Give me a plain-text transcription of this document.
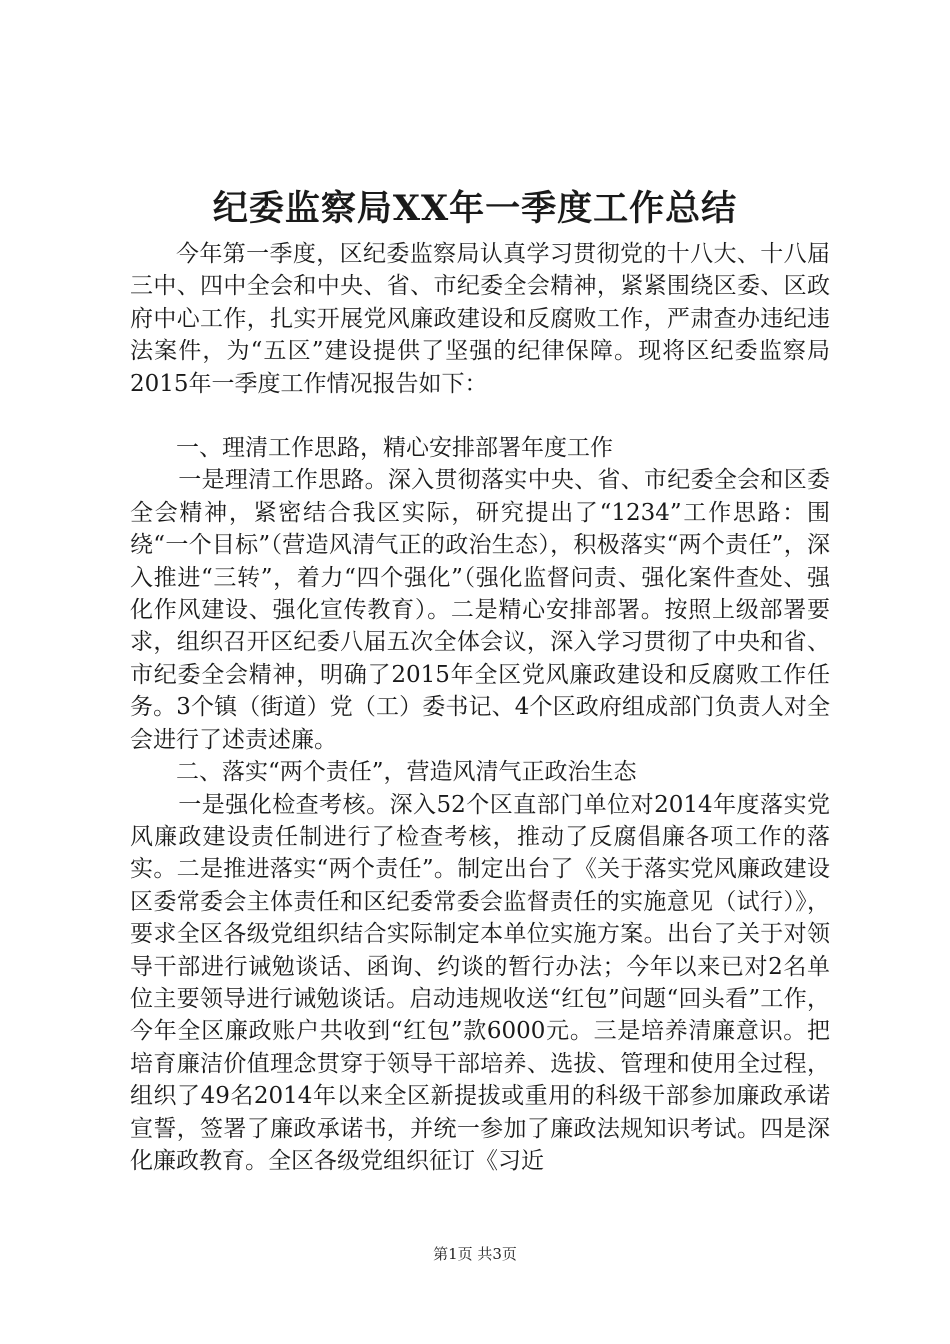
纪委监察局XX年一季度工作总结

今年第一季度，区纪委监察局认真学习贯彻党的十八大、十八届三中、四中全会和中央、省、市纪委全会精神，紧紧围绕区委、区政府中心工作，扎实开展党风廉政建设和反腐败工作，严肃查办违纪违法案件，为“五区”建设提供了坚强的纪律保障。现将区纪委监察局2015年一季度工作情况报告如下：

一、理清工作思路，精心安排部署年度工作

一是理清工作思路。深入贯彻落实中央、省、市纪委全会和区委全会精神，紧密结合我区实际，研究提出了“1234”工作思路：围绕“一个目标”（营造风清气正的政治生态），积极落实“两个责任”，深入推进“三转”，着力“四个强化”（强化监督问责、强化案件查处、强化作风建设、强化宣传教育）。二是精心安排部署。按照上级部署要求，组织召开区纪委八届五次全体会议，深入学习贯彻了中央和省、市纪委全会精神，明确了2015年全区党风廉政建设和反腐败工作任务。3个镇（街道）党（工）委书记、4个区政府组成部门负责人对全会进行了述责述廉。

二、落实“两个责任”，营造风清气正政治生态

一是强化检查考核。深入52个区直部门单位对2014年度落实党风廉政建设责任制进行了检查考核，推动了反腐倡廉各项工作的落实。二是推进落实“两个责任”。制定出台了《关于落实党风廉政建设区委常委会主体责任和区纪委常委会监督责任的实施意见（试行）》，要求全区各级党组织结合实际制定本单位实施方案。出台了关于对领导干部进行诫勉谈话、函询、约谈的暂行办法；今年以来已对2名单位主要领导进行诫勉谈话。启动违规收送“红包”问题“回头看”工作，今年全区廉政账户共收到“红包”款6000元。三是培养清廉意识。把培育廉洁价值理念贯穿于领导干部培养、选拔、管理和使用全过程，组织了49名2014年以来全区新提拔或重用的科级干部参加廉政承诺宣誓，签署了廉政承诺书，并统一参加了廉政法规知识考试。四是深化廉政教育。全区各级党组织征订《习近

第1页 共3页
